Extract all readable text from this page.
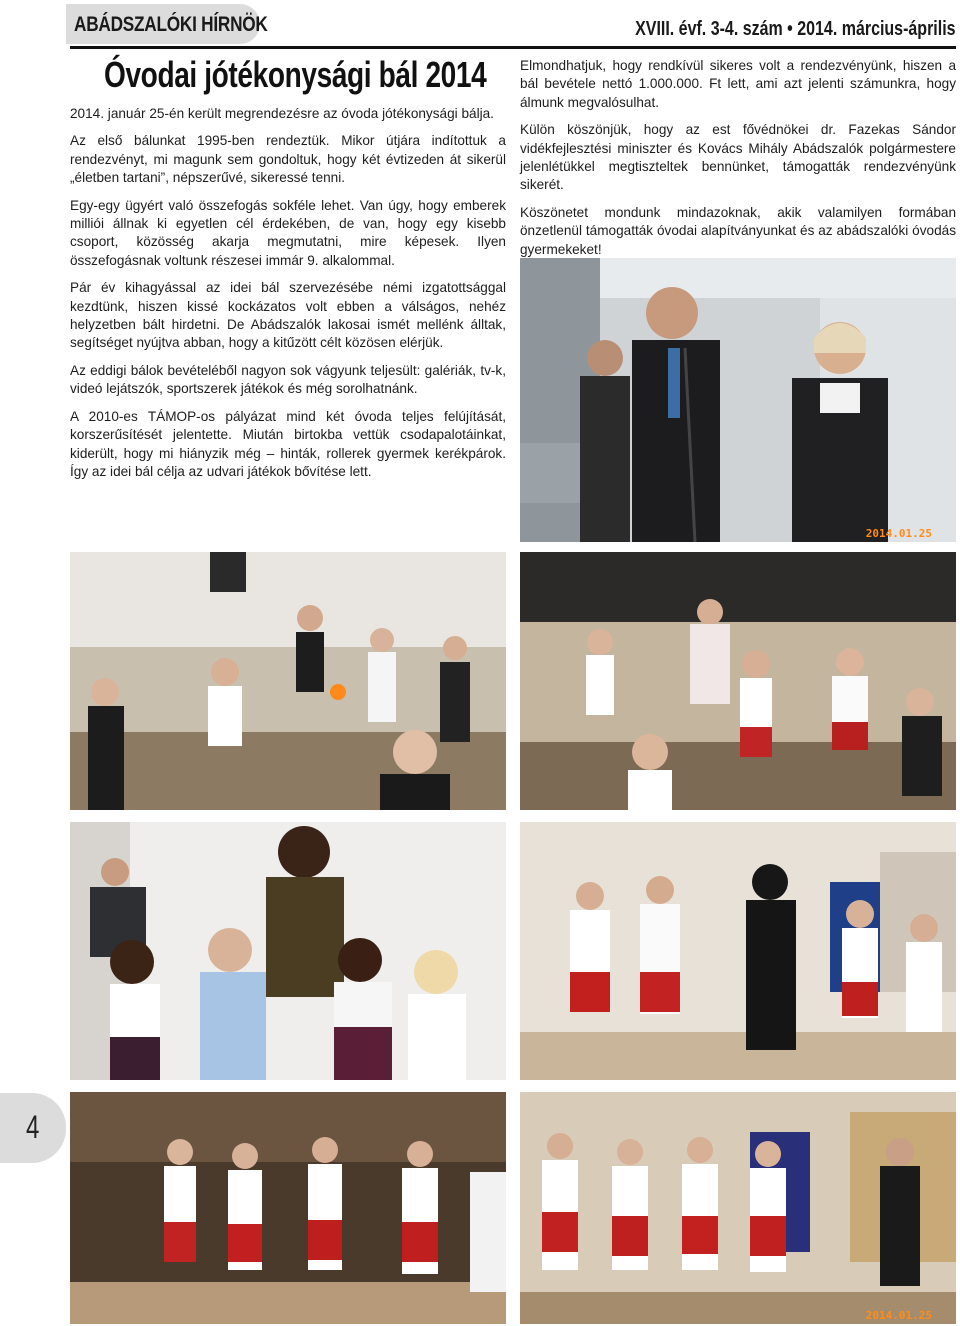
ABÁDSZALÓKI HÍRNÖK	XVIII. évf. 3-4. szám • 2014. március-április
Óvodai jótékonysági bál 2014

2014. január 25-én került megrendezésre az óvoda jótékonysági bálja.

Az első bálunkat 1995-ben rendeztük. Mikor útjára indítottuk a rendezvényt, mi magunk sem gondoltuk, hogy két évtizeden át sikerül „életben tartani”, népszerűvé, sikeressé tenni.

Egy-egy ügyért való összefogás sokféle lehet. Van úgy, hogy emberek milliói állnak ki egyetlen cél érdekében, de van, hogy egy kisebb csoport, közösség akarja megmutatni, mire képesek. Ilyen összefogásnak voltunk részesei immár 9. alkalommal.

Pár év kihagyással az idei bál szervezésébe némi izgatottsággal kezdtünk, hiszen kissé kockázatos volt ebben a válságos, nehéz helyzetben bált hirdetni. De Abádszalók lakosai ismét mellénk álltak, segítséget nyújtva abban, hogy a kitűzött célt közösen elérjük.

Az eddigi bálok bevételéből nagyon sok vágyunk teljesült: galériák, tv-k, videó lejátszók, sportszerek játékok és még sorolhatnánk.

A 2010-es TÁMOP-os pályázat mind két óvoda teljes felújítását, korszerűsítését jelentette. Miután birtokba vettük csodapalotáinkat, kiderült, hogy mi hiányzik még – hinták, rollerek gyermek kerékpárok. Így az idei bál célja az udvari játékok bővítése lett.

Elmondhatjuk, hogy rendkívül sikeres volt a rendezvényünk, hiszen a bál bevétele nettó 1.000.000. Ft lett, ami azt jelenti számunkra, hogy álmunk megvalósulhat.

Külön köszönjük, hogy az est fővédnökei dr. Fazekas Sándor vidékfejlesztési miniszter és Kovács Mihály Abádszalók polgármestere jelenlétükkel megtiszteltek bennünket, támogatták rendezvényünk sikerét.

Köszönetet mondunk mindazoknak, akik valamilyen formában önzetlenül támogatták óvodai alapítványunkat és az abádszalóki óvodás gyermekeket!

2014.01.25
2014.01.25
4
